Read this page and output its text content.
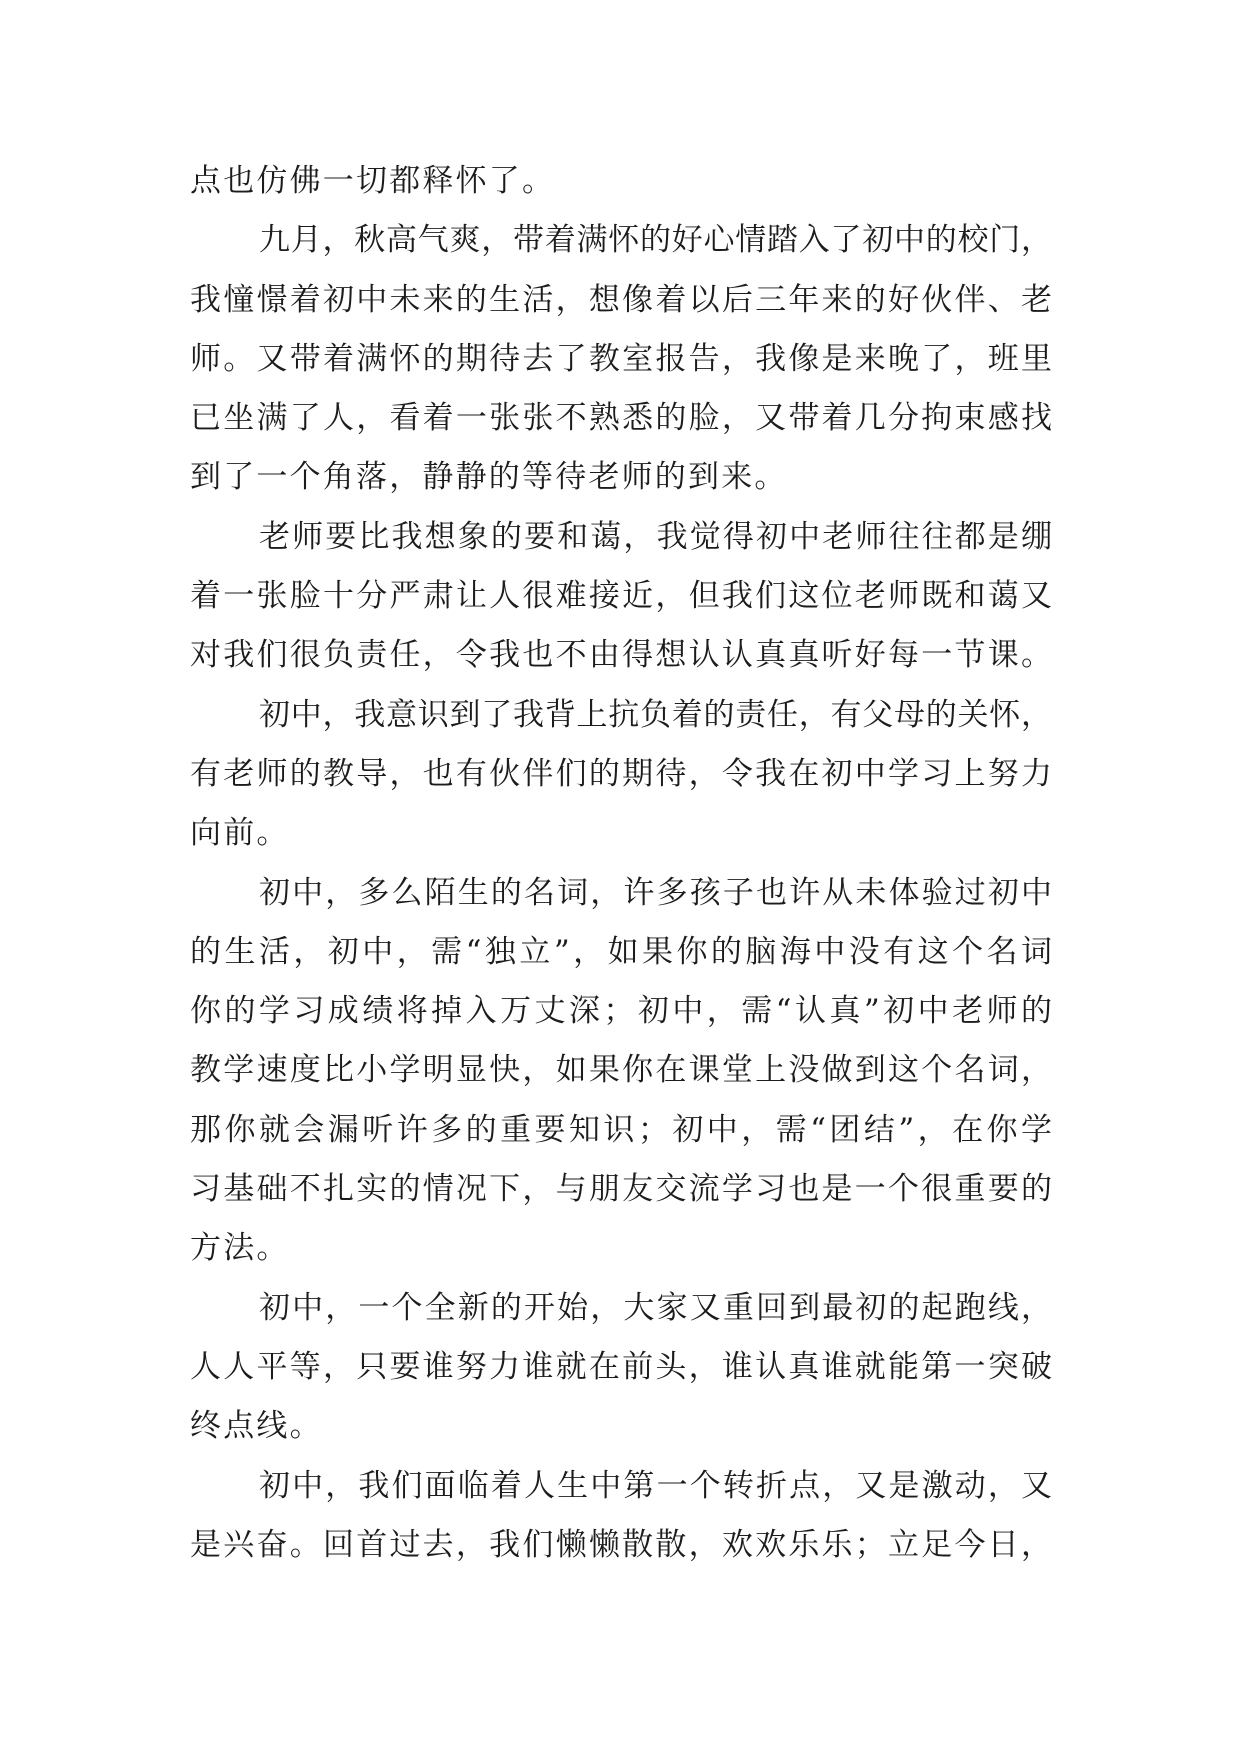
点也仿佛一切都释怀了。
九月，秋高气爽，带着满怀的好心情踏入了初中的校门，
我憧憬着初中未来的生活，想像着以后三年来的好伙伴、老
师。又带着满怀的期待去了教室报告，我像是来晚了，班里
已坐满了人，看着一张张不熟悉的脸，又带着几分拘束感找
到了一个角落，静静的等待老师的到来。
老师要比我想象的要和蔼，我觉得初中老师往往都是绷
着一张脸十分严肃让人很难接近，但我们这位老师既和蔼又
对我们很负责任，令我也不由得想认认真真听好每一节课。
初中，我意识到了我背上抗负着的责任，有父母的关怀，
有老师的教导，也有伙伴们的期待，令我在初中学习上努力
向前。
初中，多么陌生的名词，许多孩子也许从未体验过初中
的生活，初中，需“独立”，如果你的脑海中没有这个名词
你的学习成绩将掉入万丈深；初中，需“认真”初中老师的
教学速度比小学明显快，如果你在课堂上没做到这个名词，
那你就会漏听许多的重要知识；初中，需“团结”，在你学
习基础不扎实的情况下，与朋友交流学习也是一个很重要的
方法。
初中，一个全新的开始，大家又重回到最初的起跑线，
人人平等，只要谁努力谁就在前头，谁认真谁就能第一突破
终点线。
初中，我们面临着人生中第一个转折点，又是激动，又
是兴奋。回首过去，我们懒懒散散，欢欢乐乐；立足今日，
